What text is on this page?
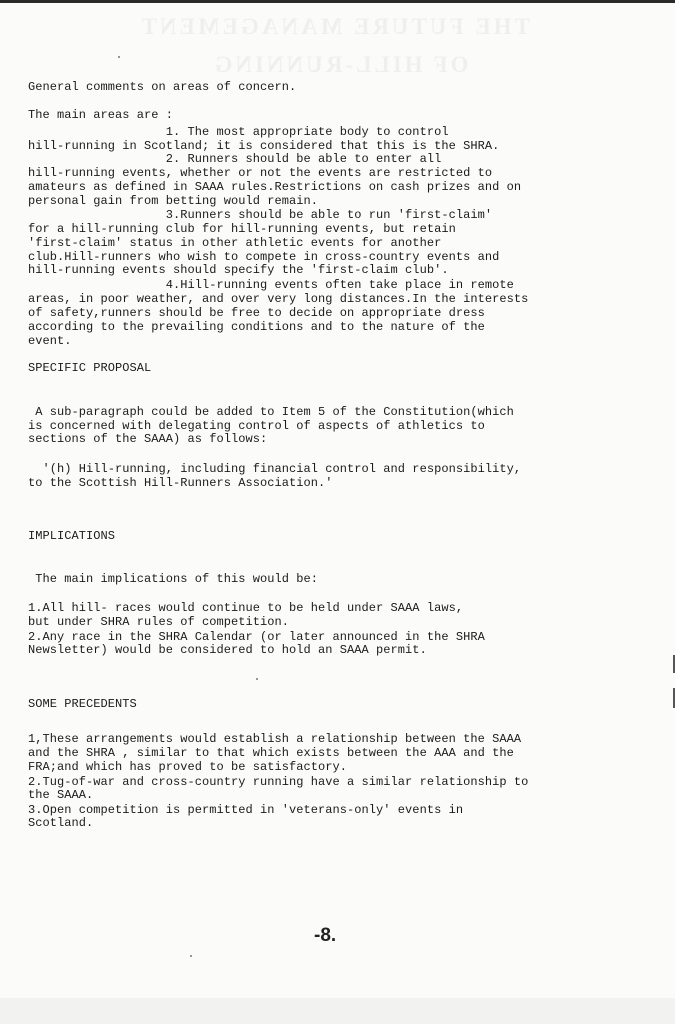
General comments on areas of concern.
The main areas are :
1. The most appropriate body to control
hill-running in Scotland; it is considered that this is the SHRA.
2. Runners should be able to enter all
hill-running events, whether or not the events are restricted to
amateurs as defined in SAAA rules.Restrictions on cash prizes and on
personal gain from betting would remain.
3.Runners should be able to run 'first-claim'
for a hill-running club for hill-running events, but retain
'first-claim' status in other athletic events for another
club.Hill-runners who wish to compete in cross-country events and
hill-running events should specify the 'first-claim club'.
4.Hill-running events often take place in remote
areas, in poor weather, and over very long distances.In the interests
of safety,runners should be free to decide on appropriate dress
according to the prevailing conditions and to the nature of the
event.
SPECIFIC PROPOSAL
A sub-paragraph could be added to Item 5 of the Constitution(which
is concerned with delegating control of aspects of athletics to
sections of the SAAA) as follows:
'(h) Hill-running, including financial control and responsibility,
to the Scottish Hill-Runners Association.'
IMPLICATIONS
The main implications of this would be:
1.All hill- races would continue to be held under SAAA laws,
but under SHRA rules of competition.
2.Any race in the SHRA Calendar (or later announced in the SHRA
Newsletter) would be considered to hold an SAAA permit.
SOME PRECEDENTS
1,These arrangements would establish a relationship between the SAAA
and the SHRA , similar to that which exists between the AAA and the
FRA;and which has proved to be satisfactory.
2.Tug-of-war and cross-country running have a similar relationship to
the SAAA.
3.Open competition is permitted in 'veterans-only' events in
Scotland.
-8.
